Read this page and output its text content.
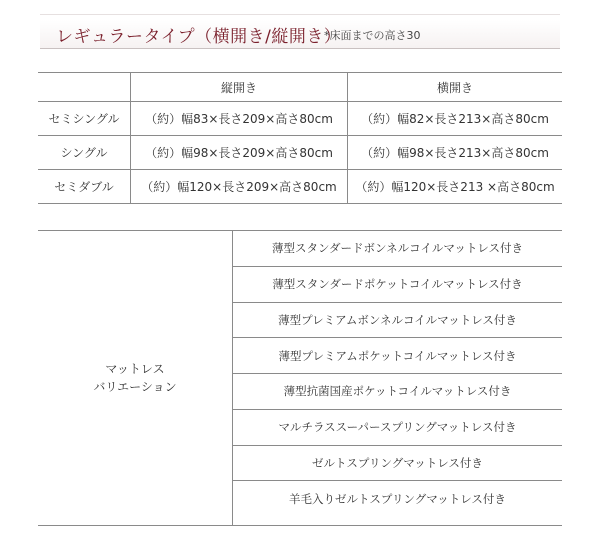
レギュラータイプ（横開き/縦開き）
*床面までの高さ30
	縦開き	横開き
セミシングル	（約）幅83×長さ209×高さ80cm	（約）幅82×長さ213×高さ80cm
シングル	（約）幅98×長さ209×高さ80cm	（約）幅98×長さ213×高さ80cm
セミダブル	（約）幅120×長さ209×高さ80cm	（約）幅120×長さ213 ×高さ80cm
マットレス
バリエーション
薄型スタンダードボンネルコイルマットレス付き
薄型スタンダードポケットコイルマットレス付き
薄型プレミアムボンネルコイルマットレス付き
薄型プレミアムポケットコイルマットレス付き
薄型抗菌国産ポケットコイルマットレス付き
マルチラススーパースプリングマットレス付き
ゼルトスプリングマットレス付き
羊毛入りゼルトスプリングマットレス付き
